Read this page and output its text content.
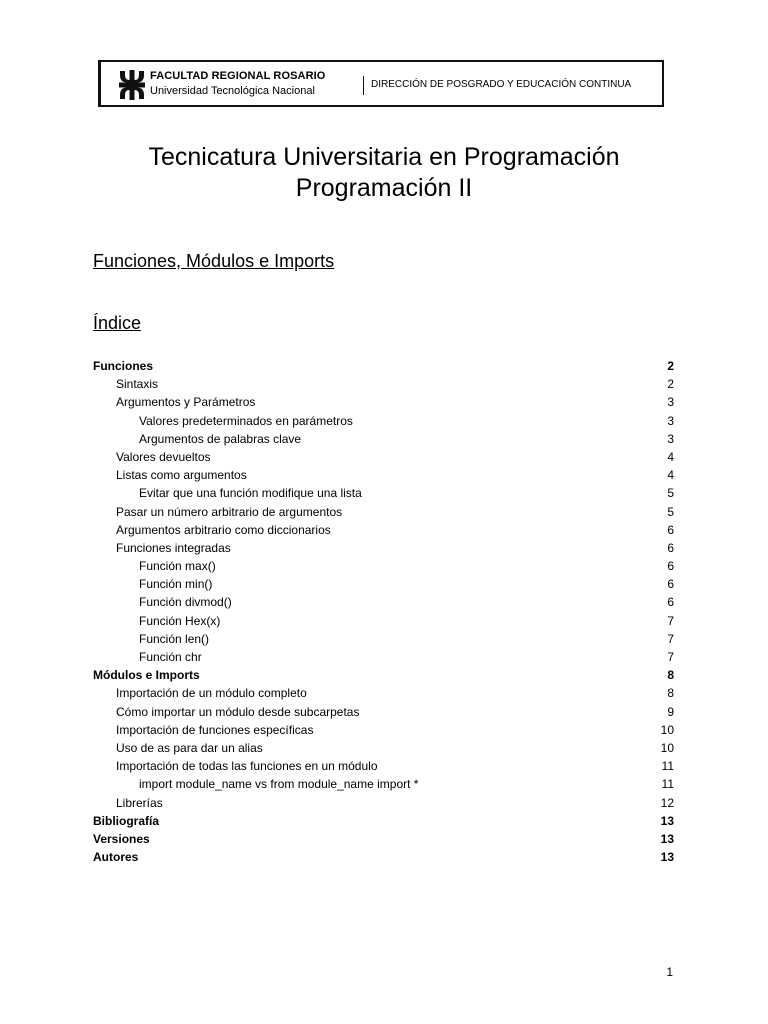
FACULTAD REGIONAL ROSARIO
Universidad Tecnológica Nacional
DIRECCIÓN DE POSGRADO Y EDUCACIÓN CONTINUA
Tecnicatura Universitaria en Programación
Programación II
Funciones, Módulos e Imports
Índice
Funciones	2
Sintaxis	2
Argumentos y Parámetros	3
Valores predeterminados en parámetros	3
Argumentos de palabras clave	3
Valores devueltos	4
Listas como argumentos	4
Evitar que una función modifique una lista	5
Pasar un número arbitrario de argumentos	5
Argumentos arbitrario como diccionarios	6
Funciones integradas	6
Función max()	6
Función min()	6
Función divmod()	6
Función Hex(x)	7
Función len()	7
Función chr	7
Módulos e Imports	8
Importación de un módulo completo	8
Cómo importar un módulo desde subcarpetas	9
Importación de funciones específicas	10
Uso de as para dar un alias	10
Importación de todas las funciones en un módulo	11
import module_name vs from module_name import *	11
Librerías	12
Bibliografía	13
Versiones	13
Autores	13
1
